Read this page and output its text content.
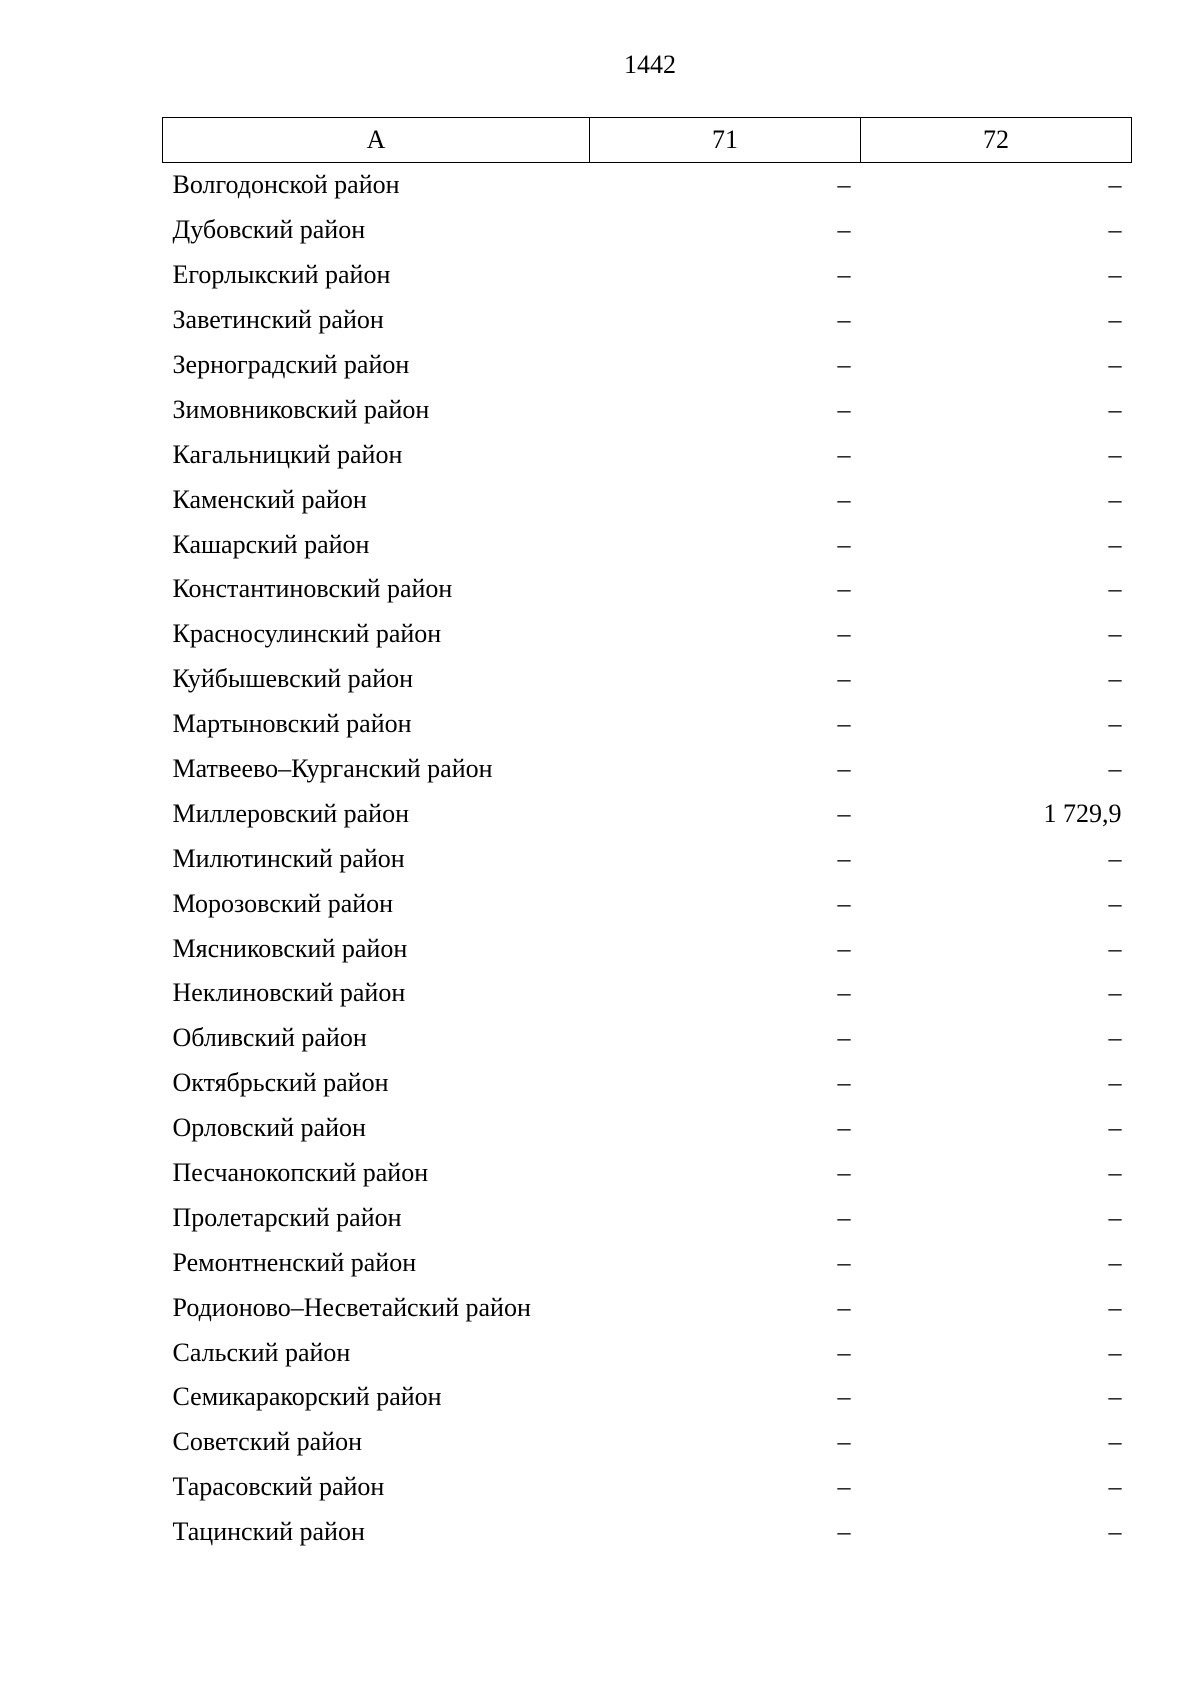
1442
А	71	72
Волгодонской район	–	–
Дубовский район	–	–
Егорлыкский район	–	–
Заветинский район	–	–
Зерноградский район	–	–
Зимовниковский район	–	–
Кагальницкий район	–	–
Каменский район	–	–
Кашарский район	–	–
Константиновский район	–	–
Красносулинский район	–	–
Куйбышевский район	–	–
Мартыновский район	–	–
Матвеево–Курганский район	–	–
Миллеровский район	–	1 729,9
Милютинский район	–	–
Морозовский район	–	–
Мясниковский район	–	–
Неклиновский район	–	–
Обливский район	–	–
Октябрьский район	–	–
Орловский район	–	–
Песчанокопский район	–	–
Пролетарский район	–	–
Ремонтненский район	–	–
Родионово–Несветайский район	–	–
Сальский район	–	–
Семикаракорский район	–	–
Советский район	–	–
Тарасовский район	–	–
Тацинский район	–	–
